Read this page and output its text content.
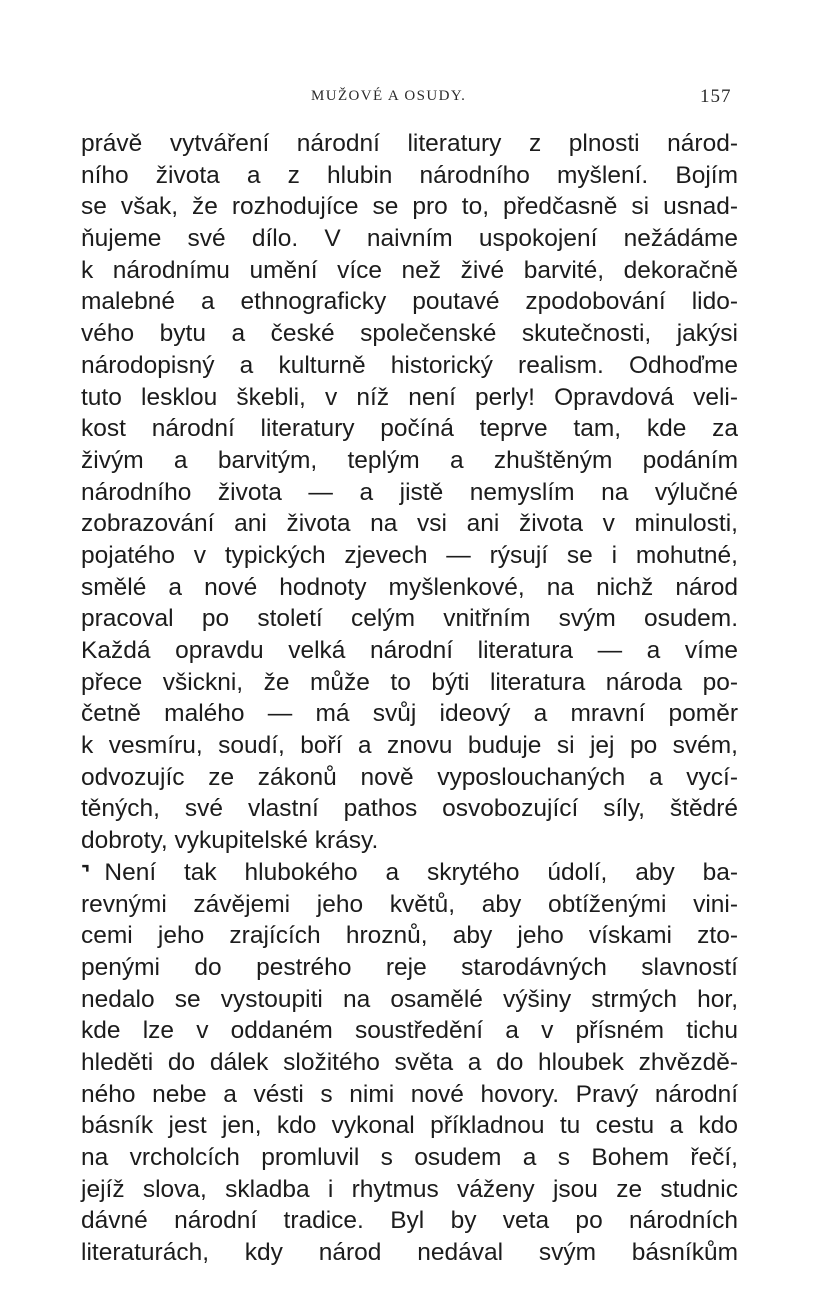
MUŽOVÉ A OSUDY.	157
právě vytváření národní literatury z plnosti národ-
ního života a z hlubin národního myšlení. Bojím
se však, že rozhodujíce se pro to, předčasně si usnad-
ňujeme své dílo. V naivním uspokojení nežádáme
k národnímu umění více než živé barvité, dekoračně
malebné a ethnograficky poutavé zpodobování lido-
vého bytu a české společenské skutečnosti, jakýsi
národopisný a kulturně historický realism. Odhoďme
tuto lesklou škebli, v níž není perly! Opravdová veli-
kost národní literatury počíná teprve tam, kde za
živým a barvitým, teplým a zhuštěným podáním
národního života — a jistě nemyslím na výlučné
zobrazování ani života na vsi ani života v minulosti,
pojatého v typických zjevech — rýsují se i mohutné,
smělé a nové hodnoty myšlenkové, na nichž národ
pracoval po století celým vnitřním svým osudem.
Každá opravdu velká národní literatura — a víme
přece všickni, že může to býti literatura národa po-
četně malého — má svůj ideový a mravní poměr
k vesmíru, soudí, boří a znovu buduje si jej po svém,
odvozujíc ze zákonů nově vyposlouchaných a vycí-
těných, své vlastní pathos osvobozující síly, štědré
dobroty, vykupitelské krásy.
⌝ Není tak hlubokého a skrytého údolí, aby ba-
revnými závějemi jeho květů, aby obtíženými vini-
cemi jeho zrajících hroznů, aby jeho vískami zto-
penými do pestrého reje starodávných slavností
nedalo se vystoupiti na osamělé výšiny strmých hor,
kde lze v oddaném soustředění a v přísném tichu
hleděti do dálek složitého světa a do hloubek zhvězdě-
ného nebe a vésti s nimi nové hovory. Pravý národní
básník jest jen, kdo vykonal příkladnou tu cestu a kdo
na vrcholcích promluvil s osudem a s Bohem řečí,
jejíž slova, skladba i rhytmus váženy jsou ze studnic
dávné národní tradice. Byl by veta po národních
literaturách, kdy národ nedával svým básníkům
